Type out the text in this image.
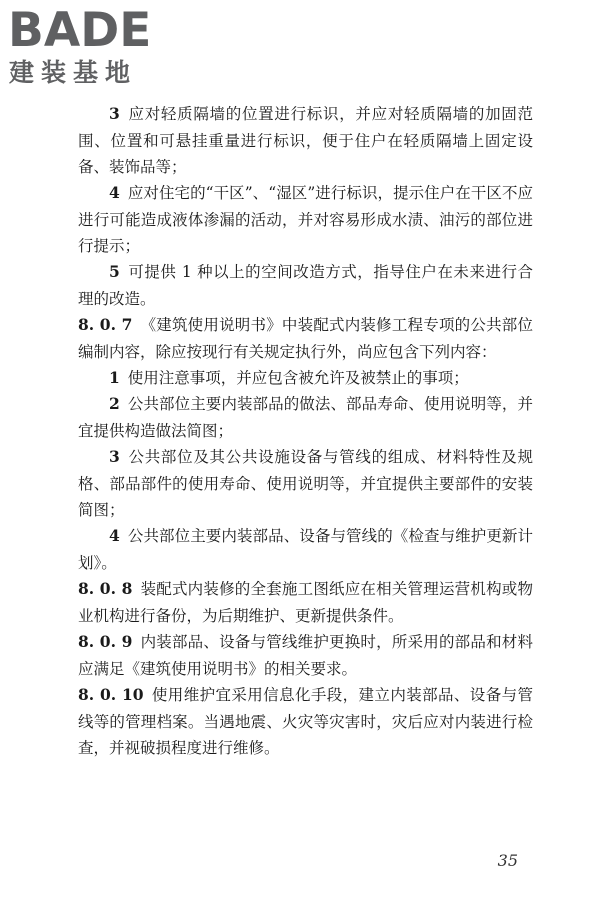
BADE
建装基地
3 应对轻质隔墙的位置进行标识，并应对轻质隔墙的加固范围、位置和可悬挂重量进行标识，便于住户在轻质隔墙上固定设备、装饰品等；
4 应对住宅的“干区”、“湿区”进行标识，提示住户在干区不应进行可能造成液体渗漏的活动，并对容易形成水渍、油污的部位进行提示；
5 可提供 1 种以上的空间改造方式，指导住户在未来进行合理的改造。
8. 0. 7 《建筑使用说明书》中装配式内装修工程专项的公共部位编制内容，除应按现行有关规定执行外，尚应包含下列内容：
1 使用注意事项，并应包含被允许及被禁止的事项；
2 公共部位主要内装部品的做法、部品寿命、使用说明等，并宜提供构造做法简图；
3 公共部位及其公共设施设备与管线的组成、材料特性及规格、部品部件的使用寿命、使用说明等，并宜提供主要部件的安装简图；
4 公共部位主要内装部品、设备与管线的《检查与维护更新计划》。
8. 0. 8 装配式内装修的全套施工图纸应在相关管理运营机构或物业机构进行备份，为后期维护、更新提供条件。
8. 0. 9 内装部品、设备与管线维护更换时，所采用的部品和材料应满足《建筑使用说明书》的相关要求。
8. 0. 10 使用维护宜采用信息化手段，建立内装部品、设备与管线等的管理档案。当遇地震、火灾等灾害时，灾后应对内装进行检查，并视破损程度进行维修。
35
